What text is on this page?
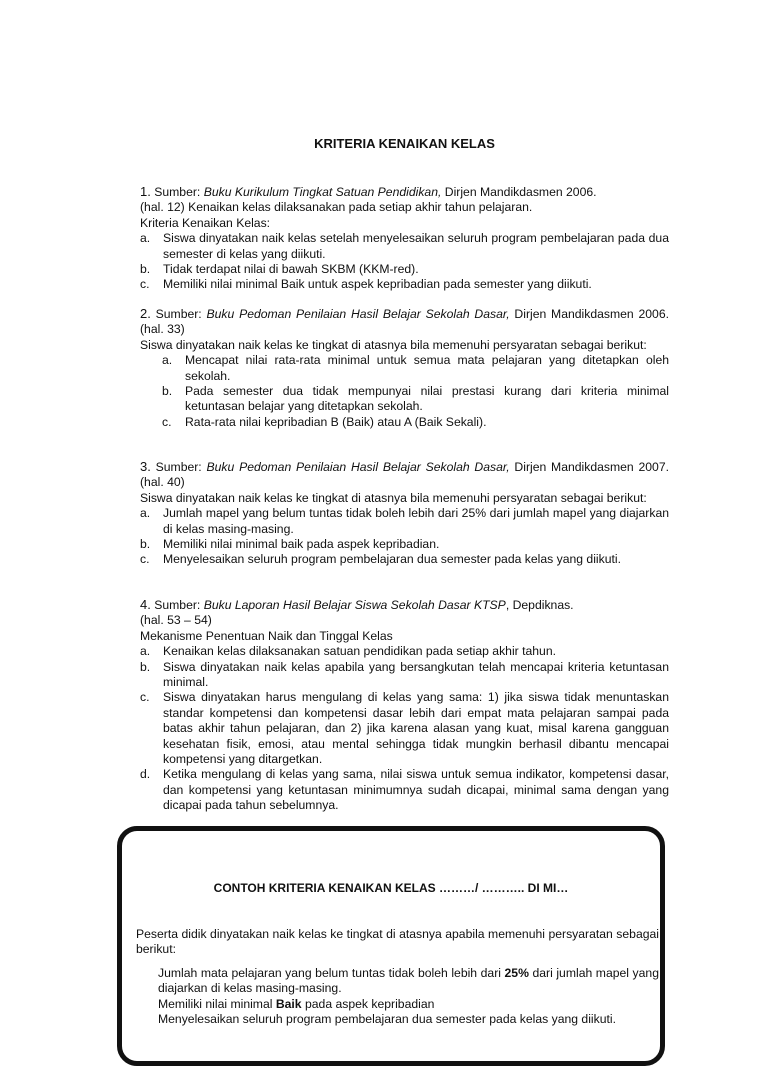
KRITERIA KENAIKAN KELAS
1. Sumber: Buku Kurikulum Tingkat Satuan Pendidikan, Dirjen Mandikdasmen 2006.
(hal. 12) Kenaikan kelas dilaksanakan pada setiap akhir tahun pelajaran.
Kriteria Kenaikan Kelas:
a.	Siswa dinyatakan naik kelas setelah menyelesaikan seluruh program pembelajaran pada dua semester di kelas yang diikuti.
b.	Tidak terdapat nilai di bawah SKBM (KKM-red).
c.	Memiliki nilai minimal Baik untuk aspek kepribadian pada semester yang diikuti.
2. Sumber: Buku Pedoman Penilaian Hasil Belajar Sekolah Dasar, Dirjen Mandikdasmen 2006. (hal. 33)
Siswa dinyatakan naik kelas ke tingkat di atasnya bila memenuhi persyaratan sebagai berikut:
a.	Mencapat nilai rata-rata minimal untuk semua mata pelajaran yang ditetapkan oleh sekolah.
b.	Pada semester dua tidak mempunyai nilai prestasi kurang dari kriteria minimal ketuntasan belajar yang ditetapkan sekolah.
c.	Rata-rata nilai kepribadian B (Baik) atau A (Baik Sekali).
3. Sumber: Buku Pedoman Penilaian Hasil Belajar Sekolah Dasar, Dirjen Mandikdasmen 2007. (hal. 40)
Siswa dinyatakan naik kelas ke tingkat di atasnya bila memenuhi persyaratan sebagai berikut:
a.	Jumlah mapel yang belum tuntas tidak boleh lebih dari 25% dari jumlah mapel yang diajarkan di kelas masing-masing.
b.	Memiliki nilai minimal baik pada aspek kepribadian.
c.	Menyelesaikan seluruh program pembelajaran dua semester pada kelas yang diikuti.
4. Sumber: Buku Laporan Hasil Belajar Siswa Sekolah Dasar KTSP, Depdiknas.
(hal. 53 – 54)
Mekanisme Penentuan Naik dan Tinggal Kelas
a.	Kenaikan kelas dilaksanakan satuan pendidikan pada setiap akhir tahun.
b.	Siswa dinyatakan naik kelas apabila yang bersangkutan telah mencapai kriteria ketuntasan minimal.
c.	Siswa dinyatakan harus mengulang di kelas yang sama: 1) jika siswa tidak menuntaskan standar kompetensi dan kompetensi dasar lebih dari empat mata pelajaran sampai pada batas akhir tahun pelajaran, dan 2) jika karena alasan yang kuat, misal karena gangguan kesehatan fisik, emosi, atau mental sehingga tidak mungkin berhasil dibantu mencapai kompetensi yang ditargetkan.
d.	Ketika mengulang di kelas yang sama, nilai siswa untuk semua indikator, kompetensi dasar, dan kompetensi yang ketuntasan minimumnya sudah dicapai, minimal sama dengan yang dicapai pada tahun sebelumnya.
CONTOH KRITERIA KENAIKAN KELAS ………/ ……….. DI MI…
Peserta didik dinyatakan naik kelas ke tingkat di atasnya apabila memenuhi persyaratan sebagai berikut:
Jumlah mata pelajaran yang belum tuntas tidak boleh lebih dari 25% dari jumlah mapel yang diajarkan di kelas masing-masing.
Memiliki nilai minimal Baik pada aspek kepribadian
Menyelesaikan seluruh program pembelajaran dua semester pada kelas yang diikuti.
